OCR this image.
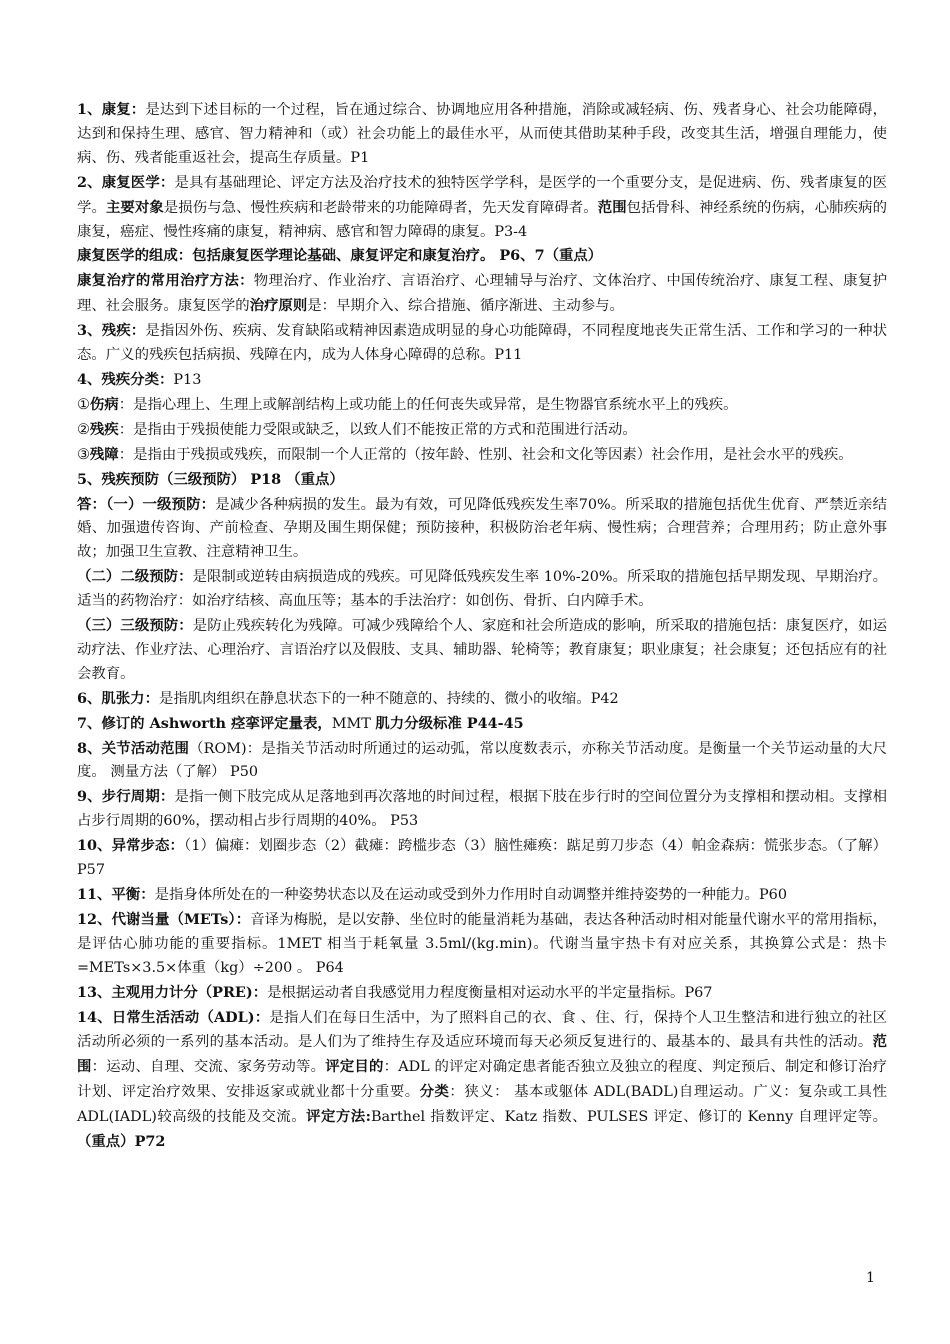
1、康复：是达到下述目标的一个过程，旨在通过综合、协调地应用各种措施，消除或减轻病、伤、残者身心、社会功能障碍，达到和保持生理、感官、智力精神和（或）社会功能上的最佳水平，从而使其借助某种手段，改变其生活，增强自理能力，使病、伤、残者能重返社会，提高生存质量。P1

2、康复医学：是具有基础理论、评定方法及治疗技术的独特医学学科，是医学的一个重要分支，是促进病、伤、残者康复的医学。主要对象是损伤与急、慢性疾病和老龄带来的功能障碍者，先天发育障碍者。范围包括骨科、神经系统的伤病，心肺疾病的康复，癌症、慢性疼痛的康复，精神病、感官和智力障碍的康复。P3-4

康复医学的组成：包括康复医学理论基础、康复评定和康复治疗。 P6、7（重点）

康复治疗的常用治疗方法：物理治疗、作业治疗、言语治疗、心理辅导与治疗、文体治疗、中国传统治疗、康复工程、康复护理、社会服务。康复医学的治疗原则是：早期介入、综合措施、循序渐进、主动参与。

3、残疾：是指因外伤、疾病、发育缺陷或精神因素造成明显的身心功能障碍，不同程度地丧失正常生活、工作和学习的一种状态。广义的残疾包括病损、残障在内，成为人体身心障碍的总称。P11

4、残疾分类：P13

①伤病：是指心理上、生理上或解剖结构上或功能上的任何丧失或异常，是生物器官系统水平上的残疾。

②残疾：是指由于残损使能力受限或缺乏，以致人们不能按正常的方式和范围进行活动。

③残障：是指由于残损或残疾，而限制一个人正常的（按年龄、性别、社会和文化等因素）社会作用，是社会水平的残疾。

5、残疾预防（三级预防） P18 （重点）

答：（一）一级预防：是减少各种病损的发生。最为有效，可见降低残疾发生率70%。所采取的措施包括优生优育、严禁近亲结婚、加强遗传咨询、产前检查、孕期及围生期保健；预防接种，积极防治老年病、慢性病；合理营养；合理用药；防止意外事故；加强卫生宣教、注意精神卫生。

（二）二级预防：是限制或逆转由病损造成的残疾。可见降低残疾发生率 10%-20%。所采取的措施包括早期发现、早期治疗。适当的药物治疗：如治疗结核、高血压等；基本的手法治疗：如创伤、骨折、白内障手术。

（三）三级预防：是防止残疾转化为残障。可减少残障给个人、家庭和社会所造成的影响，所采取的措施包括：康复医疗，如运动疗法、作业疗法、心理治疗、言语治疗以及假肢、支具、辅助器、轮椅等；教育康复；职业康复；社会康复；还包括应有的社会教育。

6、肌张力：是指肌肉组织在静息状态下的一种不随意的、持续的、微小的收缩。P42

7、修订的 Ashworth 痉挛评定量表，MMT 肌力分级标准 P44-45

8、关节活动范围（ROM)：是指关节活动时所通过的运动弧，常以度数表示，亦称关节活动度。是衡量一个关节运动量的大尺度。 测量方法（了解） P50

9、步行周期：是指一侧下肢完成从足落地到再次落地的时间过程，根据下肢在步行时的空间位置分为支撑相和摆动相。支撑相占步行周期的60%，摆动相占步行周期的40%。 P53

10、异常步态：（1）偏瘫：划圈步态（2）截瘫：跨槛步态（3）脑性瘫痪：踮足剪刀步态（4）帕金森病：慌张步态。（了解）P57

11、平衡：是指身体所处在的一种姿势状态以及在运动或受到外力作用时自动调整并维持姿势的一种能力。P60

12、代谢当量（METs）：音译为梅脱，是以安静、坐位时的能量消耗为基础，表达各种活动时相对能量代谢水平的常用指标，是评估心肺功能的重要指标。1MET 相当于耗氧量 3.5ml/(kg.min)。代谢当量宇热卡有对应关系，其换算公式是：热卡=METs×3.5×体重（kg）÷200 。 P64

13、主观用力计分（PRE)：是根据运动者自我感觉用力程度衡量相对运动水平的半定量指标。P67

14、日常生活活动（ADL)：是指人们在每日生活中，为了照料自己的衣、食 、住、行，保持个人卫生整洁和进行独立的社区活动所必须的一系列的基本活动。是人们为了维持生存及适应环境而每天必须反复进行的、最基本的、最具有共性的活动。范围：运动、自理、交流、家务劳动等。评定目的：ADL 的评定对确定患者能否独立及独立的程度、判定预后、制定和修订治疗计划、评定治疗效果、安排返家或就业都十分重要。分类：狭义： 基本或躯体 ADL(BADL)自理运动。广义：复杂或工具性 ADL(IADL)较高级的技能及交流。评定方法:Barthel 指数评定、Katz 指数、PULSES 评定、修订的 Kenny 自理评定等。 （重点）P72

1
